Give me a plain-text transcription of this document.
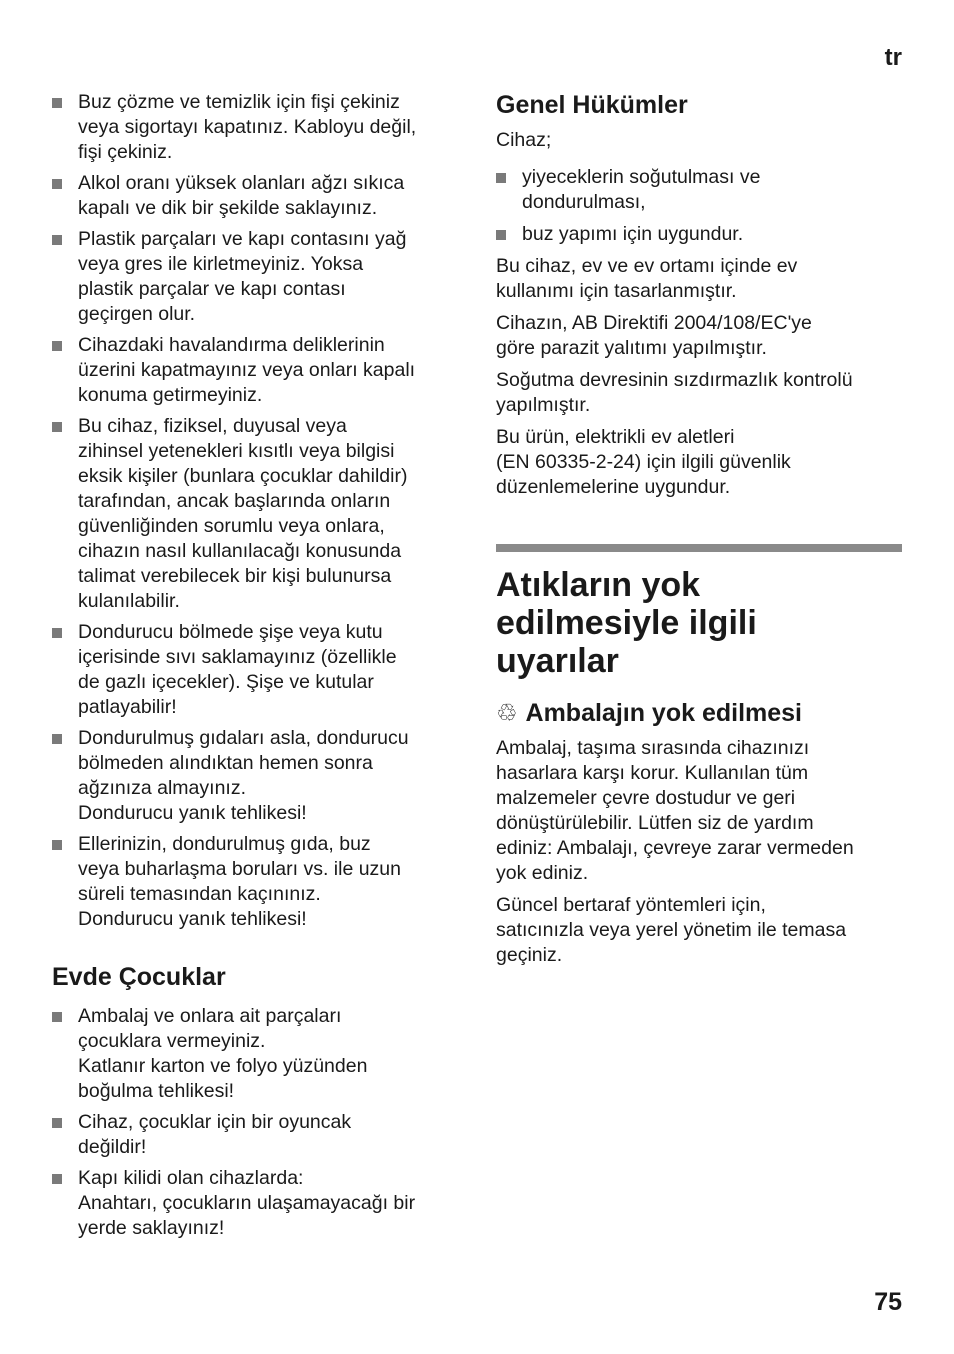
tr
Buz çözme ve temizlik için fişi çekiniz
veya sigortayı kapatınız. Kabloyu değil,
fişi çekiniz.
Alkol oranı yüksek olanları ağzı sıkıca
kapalı ve dik bir şekilde saklayınız.
Plastik parçaları ve kapı contasını yağ
veya gres ile kirletmeyiniz. Yoksa
plastik parçalar ve kapı contası
geçirgen olur.
Cihazdaki havalandırma deliklerinin
üzerini kapatmayınız veya onları kapalı
konuma getirmeyiniz.
Bu cihaz, fiziksel, duyusal veya
zihinsel yetenekleri kısıtlı veya bilgisi
eksik kişiler (bunlara çocuklar dahildir)
tarafından, ancak başlarında onların
güvenliğinden sorumlu veya onlara,
cihazın nasıl kullanılacağı konusunda
talimat verebilecek bir kişi bulunursa
kulanılabilir.
Dondurucu bölmede şişe veya kutu
içerisinde sıvı saklamayınız (özellikle
de gazlı içecekler). Şişe ve kutular
patlayabilir!
Dondurulmuş gıdaları asla, dondurucu
bölmeden alındıktan hemen sonra
ağzınıza almayınız.
Dondurucu yanık tehlikesi!
Ellerinizin, dondurulmuş gıda, buz
veya buharlaşma boruları vs. ile uzun
süreli temasından kaçınınız.
Dondurucu yanık tehlikesi!
Evde Çocuklar
Ambalaj ve onlara ait parçaları
çocuklara vermeyiniz.
Katlanır karton ve folyo yüzünden
boğulma tehlikesi!
Cihaz, çocuklar için bir oyuncak
değildir!
Kapı kilidi olan cihazlarda:
Anahtarı, çocukların ulaşamayacağı bir
yerde saklayınız!
Genel Hükümler

Cihaz;

yiyeceklerin soğutulması ve
dondurulması,
buz yapımı için uygundur.

Bu cihaz, ev ve ev ortamı içinde ev
kullanımı için tasarlanmıştır.

Cihazın, AB Direktifi 2004/108/EC'ye
göre parazit yalıtımı yapılmıştır.

Soğutma devresinin sızdırmazlık kontrolü
yapılmıştır.

Bu ürün, elektrikli ev aletleri
(EN 60335-2-24) için ilgili güvenlik
düzenlemelerine uygundur.

Atıkların yok
edilmesiyle ilgili
uyarılar
♲ Ambalajın yok edilmesi

Ambalaj, taşıma sırasında cihazınızı
hasarlara karşı korur. Kullanılan tüm
malzemeler çevre dostudur ve geri
dönüştürülebilir. Lütfen siz de yardım
ediniz: Ambalajı, çevreye zarar vermeden
yok ediniz.

Güncel bertaraf yöntemleri için,
satıcınızla veya yerel yönetim ile temasa
geçiniz.

75
